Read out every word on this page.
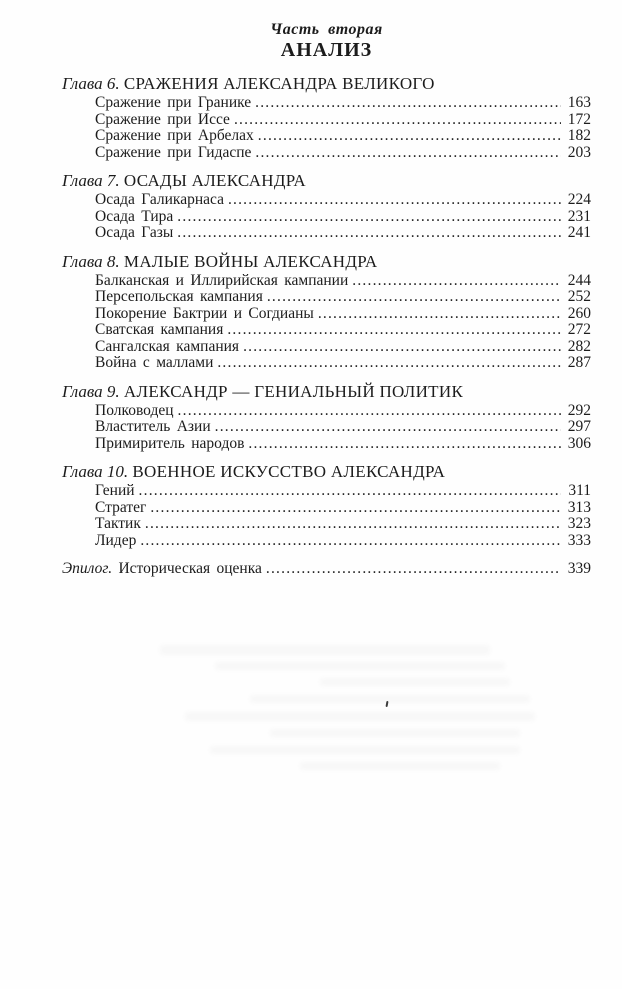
Часть вторая
АНАЛИЗ
Глава 6. СРАЖЕНИЯ АЛЕКСАНДРА ВЕЛИКОГО
Сражение при Гранике .....	163
Сражение при Иссе .....	172
Сражение при Арбелах .....	182
Сражение при Гидаспе .....	203
Глава 7. ОСАДЫ АЛЕКСАНДРА
Осада Галикарнаса .....	224
Осада Тира .....	231
Осада Газы .....	241
Глава 8. МАЛЫЕ ВОЙНЫ АЛЕКСАНДРА
Балканская и Иллирийская кампании .....	244
Персепольская кампания .....	252
Покорение Бактрии и Согдианы .....	260
Сватская кампания .....	272
Сангалская кампания .....	282
Война с маллами .....	287
Глава 9. АЛЕКСАНДР — ГЕНИАЛЬНЫЙ ПОЛИТИК
Полководец .....	292
Властитель Азии .....	297
Примиритель народов .....	306
Глава 10. ВОЕННОЕ ИСКУССТВО АЛЕКСАНДРА
Гений .....	311
Стратег .....	313
Тактик .....	323
Лидер .....	333
Эпилог. Историческая оценка .....	339
